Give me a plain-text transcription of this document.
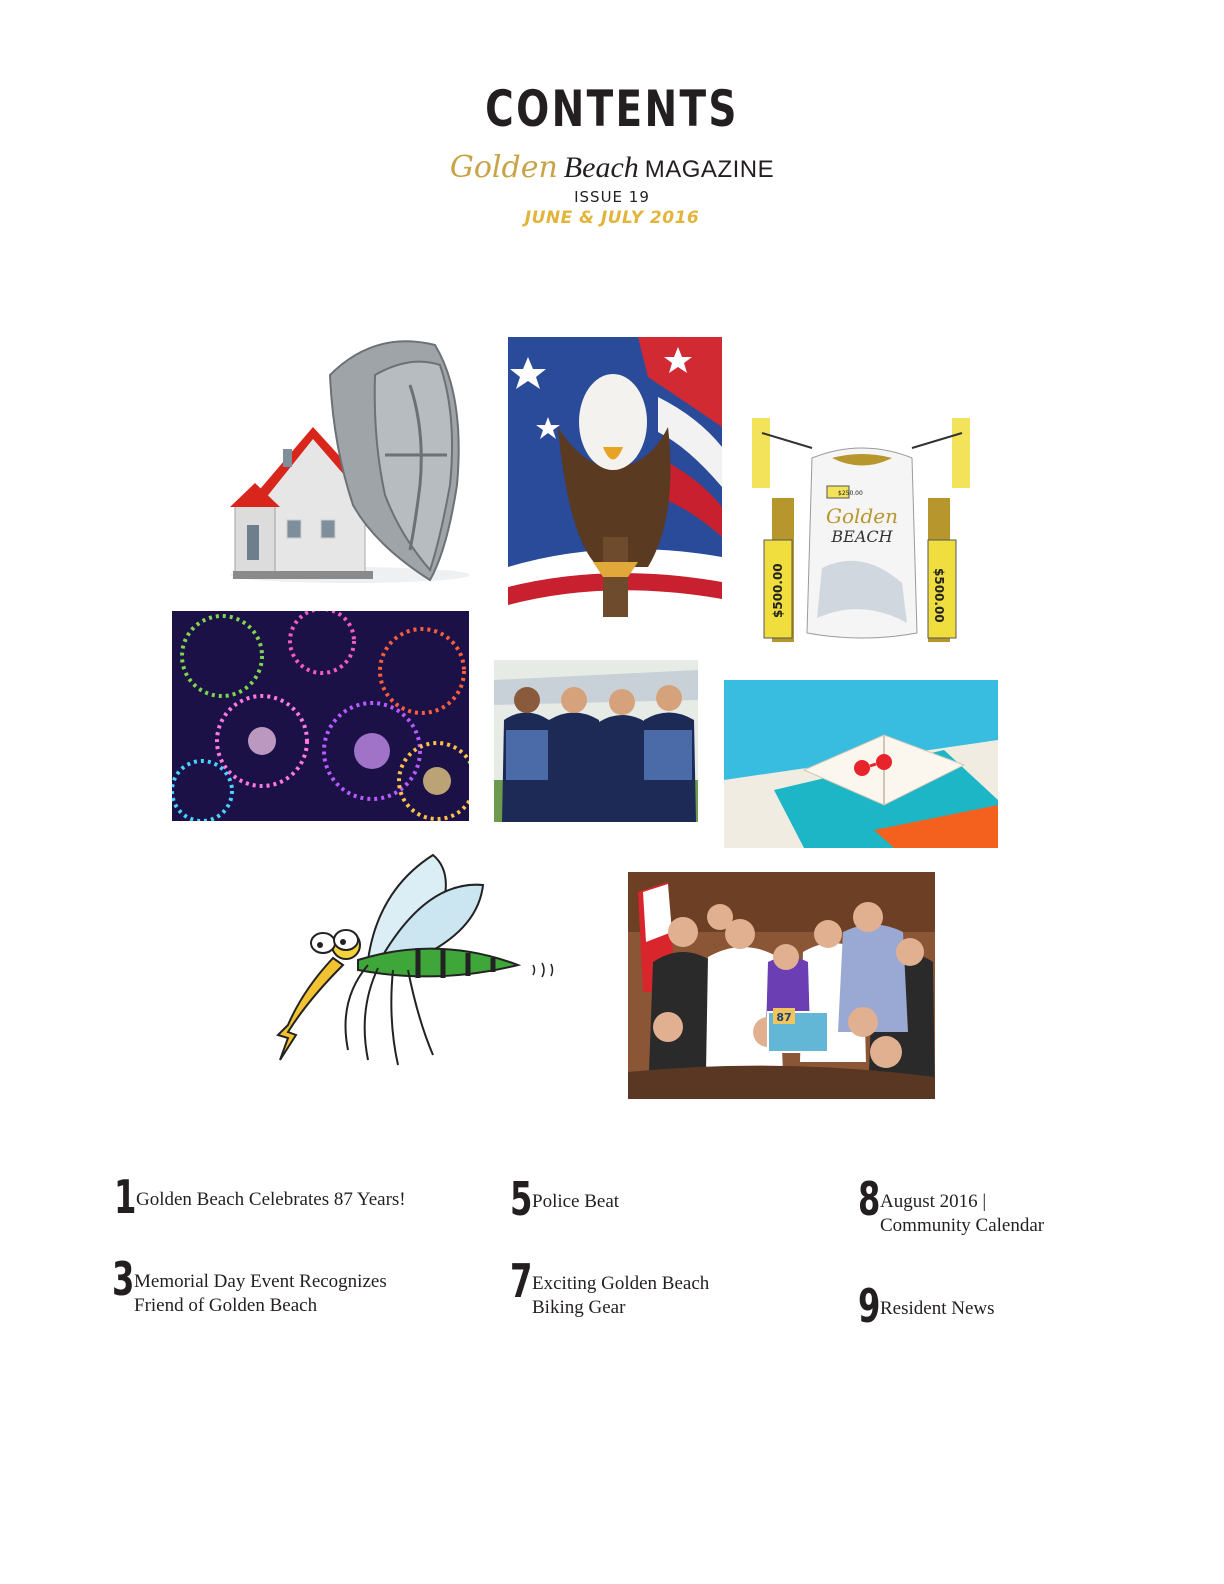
CONTENTS
Golden Beach MAGAZINE
ISSUE 19
JUNE & JULY 2016
$250.00
Golden
BEACH
$500.00	$500.00
87
1 Golden Beach Celebrates 87 Years!
3 Memorial Day Event Recognizes
Friend of Golden Beach
5 Police Beat
7 Exciting Golden Beach
Biking Gear
8 August 2016 |
Community Calendar
9 Resident News
